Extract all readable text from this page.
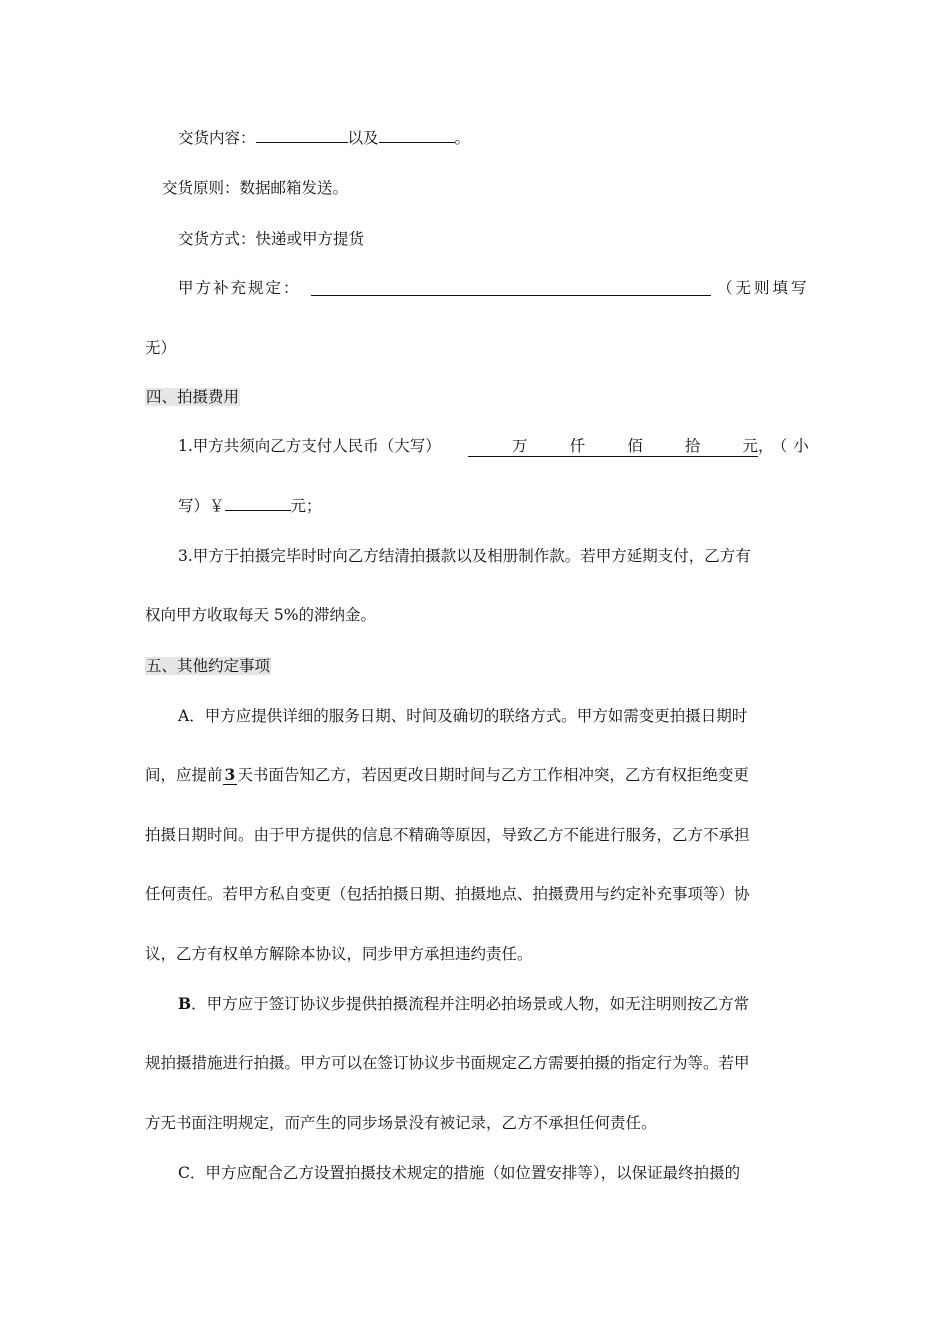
交货内容：	以及	。
交货原则：数据邮箱发送。
交货方式：快递或甲方提货
甲方补充规定：	（无则填写
无）
四、拍摄费用
1.甲方共须向乙方支付人民币（大写）	万	仟	佰	拾	元 ，（小
写）￥	元；
3.甲方于拍摄完毕时时向乙方结清拍摄款以及相册制作款。若甲方延期支付，乙方有
权向甲方收取每天 5%的滞纳金。
五、其他约定事项
A．甲方应提供详细的服务日期、时间及确切的联络方式。甲方如需变更拍摄日期时
间，应提前 3 天书面告知乙方，若因更改日期时间与乙方工作相冲突，乙方有权拒绝变更
拍摄日期时间。由于甲方提供的信息不精确等原因，导致乙方不能进行服务，乙方不承担
任何责任。若甲方私自变更（包括拍摄日期、拍摄地点、拍摄费用与约定补充事项等）协
议，乙方有权单方解除本协议，同步甲方承担违约责任。
B．甲方应于签订协议步提供拍摄流程并注明必拍场景或人物，如无注明则按乙方常
规拍摄措施进行拍摄。甲方可以在签订协议步书面规定乙方需要拍摄的指定行为等。若甲
方无书面注明规定，而产生的同步场景没有被记录，乙方不承担任何责任。
C．甲方应配合乙方设置拍摄技术规定的措施（如位置安排等），以保证最终拍摄的
